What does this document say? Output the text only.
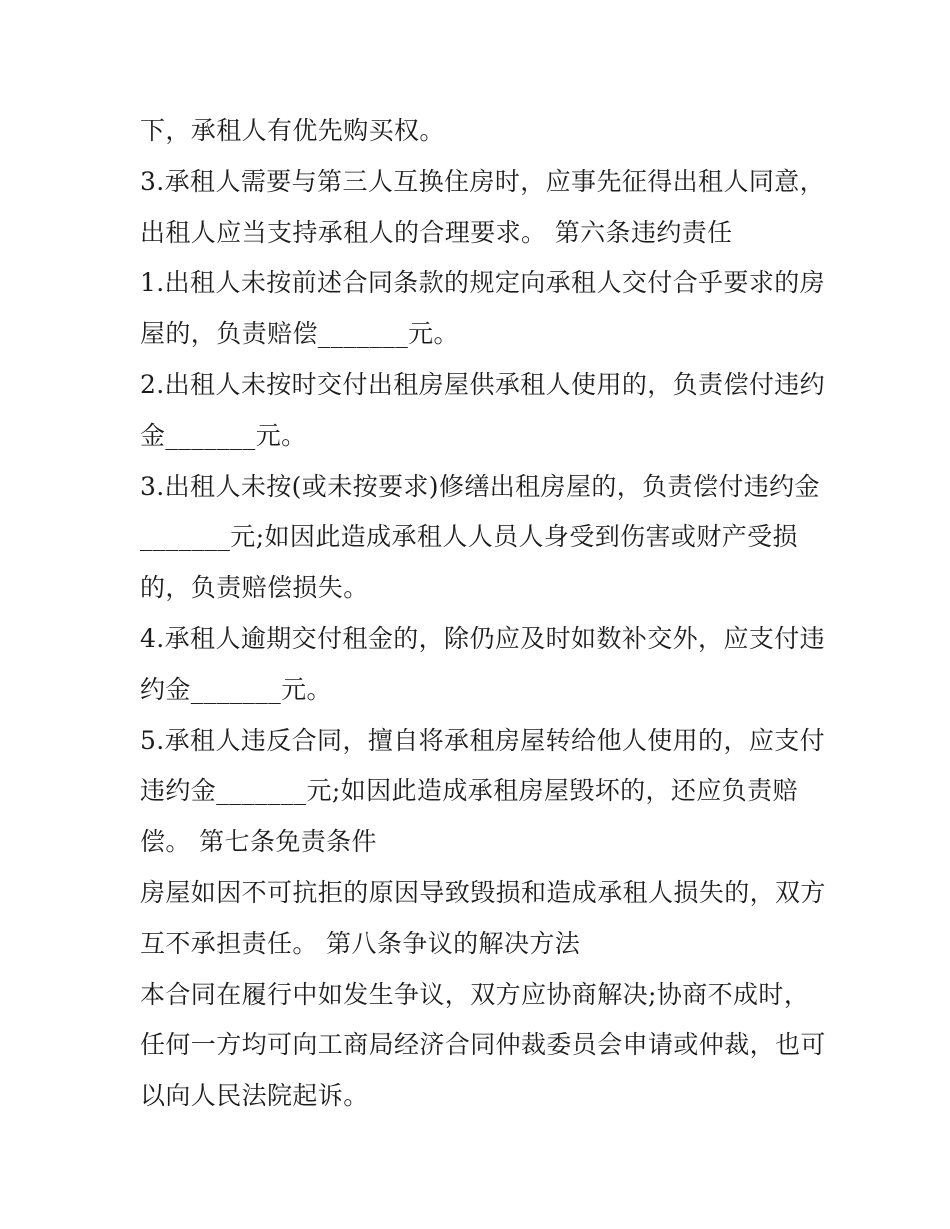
下，承租人有优先购买权。
3.承租人需要与第三人互换住房时，应事先征得出租人同意，
出租人应当支持承租人的合理要求。 第六条违约责任
1.出租人未按前述合同条款的规定向承租人交付合乎要求的房
屋的，负责赔偿_______元。
2.出租人未按时交付出租房屋供承租人使用的，负责偿付违约
金_______元。
3.出租人未按(或未按要求)修缮出租房屋的，负责偿付违约金
_______元;如因此造成承租人人员人身受到伤害或财产受损
的，负责赔偿损失。
4.承租人逾期交付租金的，除仍应及时如数补交外，应支付违
约金_______元。
5.承租人违反合同，擅自将承租房屋转给他人使用的，应支付
违约金_______元;如因此造成承租房屋毁坏的，还应负责赔
偿。 第七条免责条件
房屋如因不可抗拒的原因导致毁损和造成承租人损失的，双方
互不承担责任。 第八条争议的解决方法
本合同在履行中如发生争议，双方应协商解决;协商不成时，
任何一方均可向工商局经济合同仲裁委员会申请或仲裁，也可
以向人民法院起诉。
